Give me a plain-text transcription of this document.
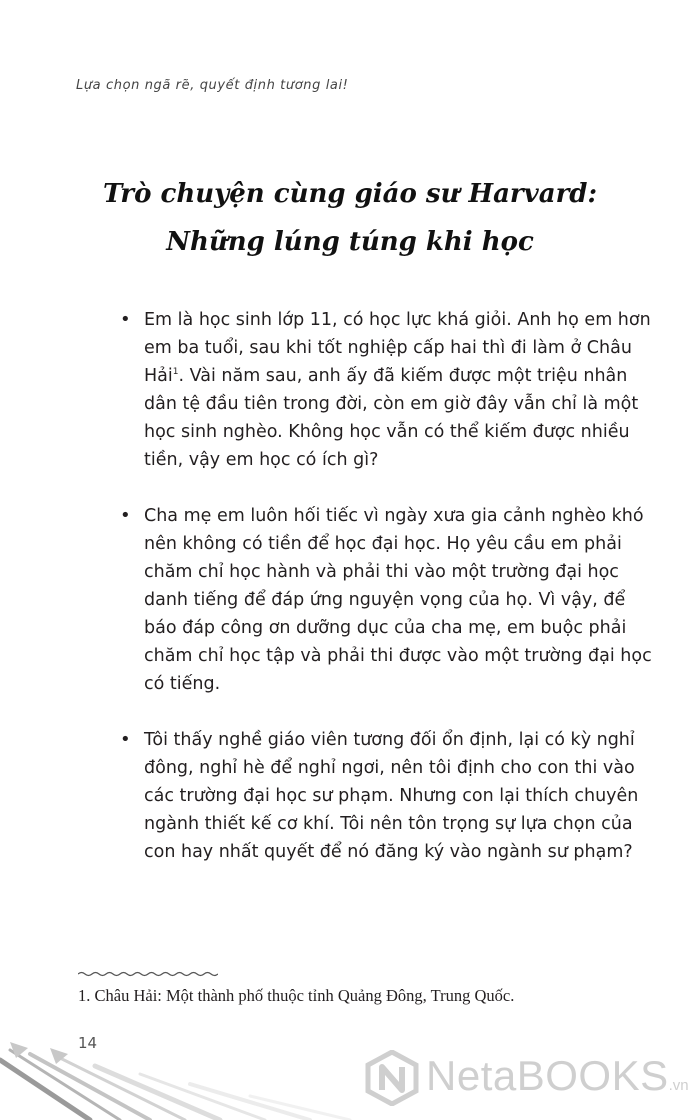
Lựa chọn ngã rẽ, quyết định tương lai!
Trò chuyện cùng giáo sư Harvard:
Những lúng túng khi học
• Em là học sinh lớp 11, có học lực khá giỏi. Anh họ em hơn
em ba tuổi, sau khi tốt nghiệp cấp hai thì đi làm ở Châu
Hải$^1$. Vài năm sau, anh ấy đã kiếm được một triệu nhân
dân tệ đầu tiên trong đời, còn em giờ đây vẫn chỉ là một
học sinh nghèo. Không học vẫn có thể kiếm được nhiều
tiền, vậy em học có ích gì?
• Cha mẹ em luôn hối tiếc vì ngày xưa gia cảnh nghèo khó
nên không có tiền để học đại học. Họ yêu cầu em phải
chăm chỉ học hành và phải thi vào một trường đại học
danh tiếng để đáp ứng nguyện vọng của họ. Vì vậy, để
báo đáp công ơn dưỡng dục của cha mẹ, em buộc phải
chăm chỉ học tập và phải thi được vào một trường đại học
có tiếng.
• Tôi thấy nghề giáo viên tương đối ổn định, lại có kỳ nghỉ
đông, nghỉ hè để nghỉ ngơi, nên tôi định cho con thi vào
các trường đại học sư phạm. Nhưng con lại thích chuyên
ngành thiết kế cơ khí. Tôi nên tôn trọng sự lựa chọn của
con hay nhất quyết để nó đăng ký vào ngành sư phạm?
1. Châu Hải: Một thành phố thuộc tỉnh Quảng Đông, Trung Quốc.
14
NetaBOOKS.vn
